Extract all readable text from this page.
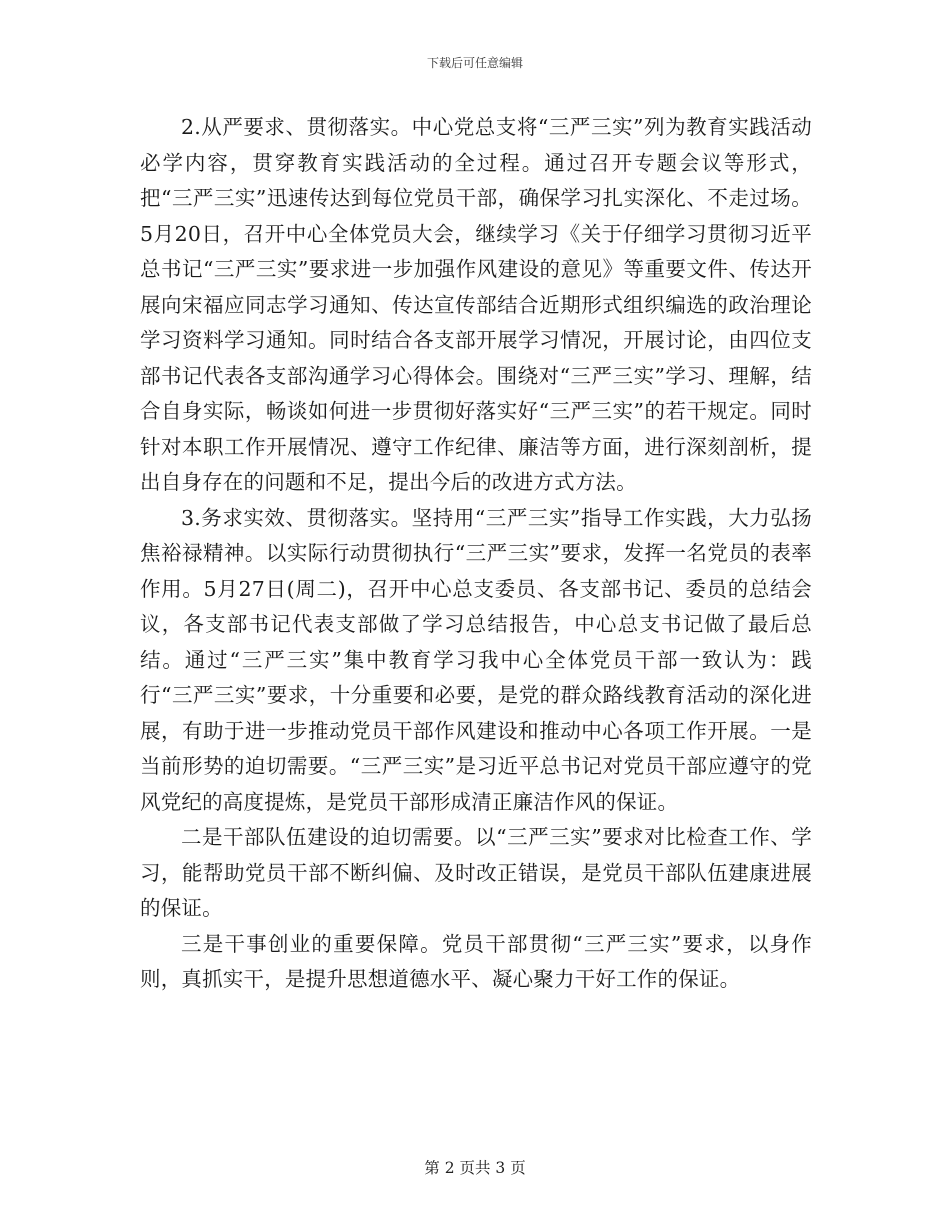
下载后可任意编辑

2.从严要求、贯彻落实。中心党总支将“三严三实”列为教育实践活动必学内容，贯穿教育实践活动的全过程。通过召开专题会议等形式，把“三严三实”迅速传达到每位党员干部，确保学习扎实深化、不走过场。5月20日，召开中心全体党员大会，继续学习《关于仔细学习贯彻习近平总书记“三严三实”要求进一步加强作风建设的意见》等重要文件、传达开展向宋福应同志学习通知、传达宣传部结合近期形式组织编选的政治理论学习资料学习通知。同时结合各支部开展学习情况，开展讨论，由四位支部书记代表各支部沟通学习心得体会。围绕对“三严三实”学习、理解，结合自身实际，畅谈如何进一步贯彻好落实好“三严三实”的若干规定。同时针对本职工作开展情况、遵守工作纪律、廉洁等方面，进行深刻剖析，提出自身存在的问题和不足，提出今后的改进方式方法。

3.务求实效、贯彻落实。坚持用“三严三实”指导工作实践，大力弘扬焦裕禄精神。以实际行动贯彻执行“三严三实”要求，发挥一名党员的表率作用。5月27日(周二)，召开中心总支委员、各支部书记、委员的总结会议，各支部书记代表支部做了学习总结报告，中心总支书记做了最后总结。通过“三严三实”集中教育学习我中心全体党员干部一致认为：践行“三严三实”要求，十分重要和必要，是党的群众路线教育活动的深化进展，有助于进一步推动党员干部作风建设和推动中心各项工作开展。一是当前形势的迫切需要。“三严三实”是习近平总书记对党员干部应遵守的党风党纪的高度提炼，是党员干部形成清正廉洁作风的保证。

二是干部队伍建设的迫切需要。以“三严三实”要求对比检查工作、学习，能帮助党员干部不断纠偏、及时改正错误，是党员干部队伍建康进展的保证。

三是干事创业的重要保障。党员干部贯彻“三严三实”要求，以身作则，真抓实干，是提升思想道德水平、凝心聚力干好工作的保证。

第 2 页共 3 页
